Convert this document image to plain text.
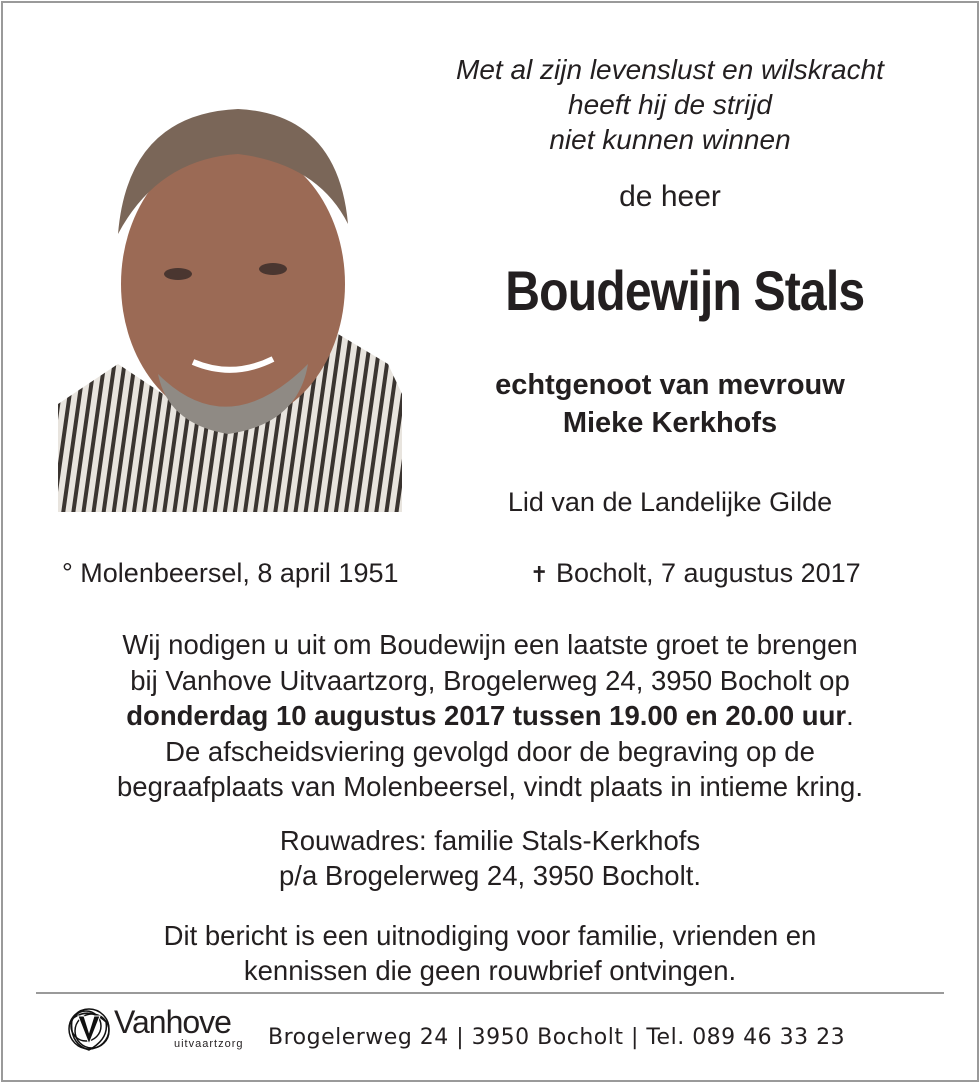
Met al zijn levenslust en wilskracht
heeft hij de strijd
niet kunnen winnen
de heer
Boudewijn Stals
echtgenoot van mevrouw
Mieke Kerkhofs
Lid van de Landelijke Gilde
° Molenbeersel, 8 april 1951	✝ Bocholt, 7 augustus 2017
Wij nodigen u uit om Boudewijn een laatste groet te brengen
bij Vanhove Uitvaartzorg, Brogelerweg 24, 3950 Bocholt op
donderdag 10 augustus 2017 tussen 19.00 en 20.00 uur.
De afscheidsviering gevolgd door de begraving op de
begraafplaats van Molenbeersel, vindt plaats in intieme kring.
Rouwadres: familie Stals-Kerkhofs
p/a Brogelerweg 24, 3950 Bocholt.
Dit bericht is een uitnodiging voor familie, vrienden en
kennissen die geen rouwbrief ontvingen.
Vanhove
uitvaartzorg Brogelerweg 24 | 3950 Bocholt | Tel. 089 46 33 23
